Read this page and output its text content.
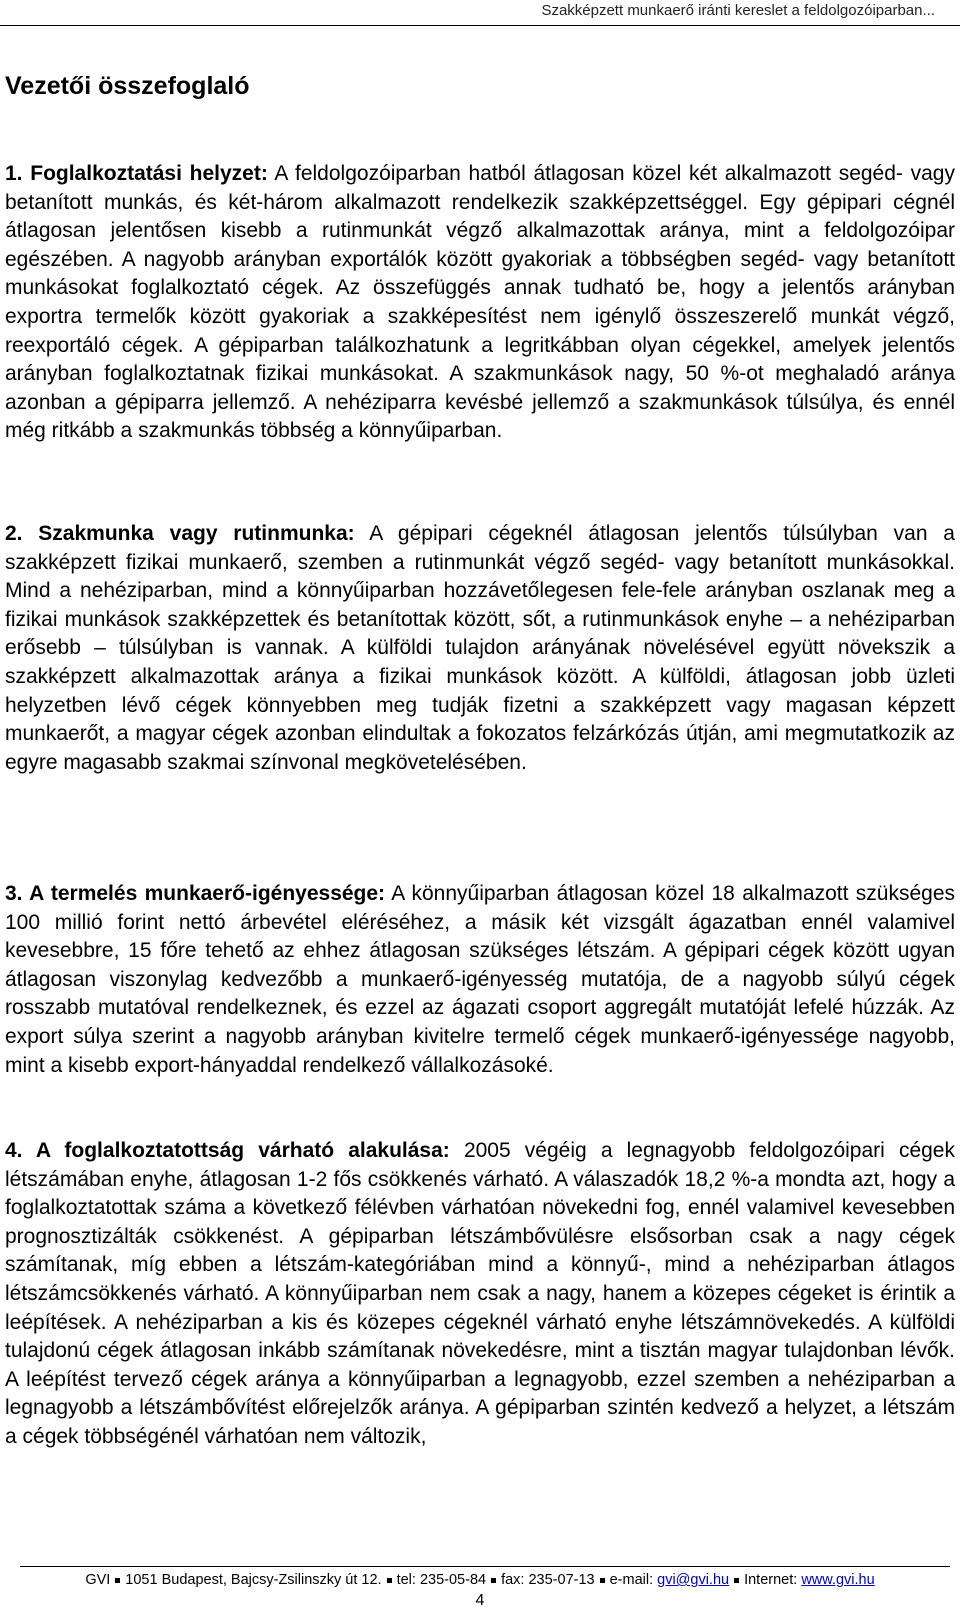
Szakképzett munkaerő iránti kereslet a feldolgozóiparban...
Vezetői összefoglaló

1. Foglalkoztatási helyzet: A feldolgozóiparban hatból átlagosan közel két alkalmazott segéd- vagy betanított munkás, és két-három alkalmazott rendelkezik szakképzettséggel. Egy gépipari cégnél átlagosan jelentősen kisebb a rutinmunkát végző alkalmazottak aránya, mint a feldolgozóipar egészében. A nagyobb arányban exportálók között gyakoriak a többségben segéd- vagy betanított munkásokat foglalkoztató cégek. Az összefüggés annak tudható be, hogy a jelentős arányban exportra termelők között gyakoriak a szakképesítést nem igénylő összeszerelő munkát végző, reexportáló cégek. A gépiparban találkozhatunk a legritkábban olyan cégekkel, amelyek jelentős arányban foglalkoztatnak fizikai munkásokat. A szakmunkások nagy, 50 %-ot meghaladó aránya azonban a gépiparra jellemző. A nehéziparra kevésbé jellemző a szakmunkások túlsúlya, és ennél még ritkább a szakmunkás többség a könnyűiparban.

2. Szakmunka vagy rutinmunka: A gépipari cégeknél átlagosan jelentős túlsúlyban van a szakképzett fizikai munkaerő, szemben a rutinmunkát végző segéd- vagy betanított munkásokkal. Mind a nehéziparban, mind a könnyűiparban hozzávetőlegesen fele-fele arányban oszlanak meg a fizikai munkások szakképzettek és betanítottak között, sőt, a rutinmunkások enyhe – a nehéziparban erősebb – túlsúlyban is vannak. A külföldi tulajdon arányának növelésével együtt növekszik a szakképzett alkalmazottak aránya a fizikai munkások között. A külföldi, átlagosan jobb üzleti helyzetben lévő cégek könnyebben meg tudják fizetni a szakképzett vagy magasan képzett munkaerőt, a magyar cégek azonban elindultak a fokozatos felzárkózás útján, ami megmutatkozik az egyre magasabb szakmai színvonal megkövetelésében.

3. A termelés munkaerő-igényessége: A könnyűiparban átlagosan közel 18 alkalmazott szükséges 100 millió forint nettó árbevétel eléréséhez, a másik két vizsgált ágazatban ennél valamivel kevesebbre, 15 főre tehető az ehhez átlagosan szükséges létszám. A gépipari cégek között ugyan átlagosan viszonylag kedvezőbb a munkaerő-igényesség mutatója, de a nagyobb súlyú cégek rosszabb mutatóval rendelkeznek, és ezzel az ágazati csoport aggregált mutatóját lefelé húzzák. Az export súlya szerint a nagyobb arányban kivitelre termelő cégek munkaerő-igényessége nagyobb, mint a kisebb export-hányaddal rendelkező vállalkozásoké.

4. A foglalkoztatottság várható alakulása: 2005 végéig a legnagyobb feldolgozóipari cégek létszámában enyhe, átlagosan 1-2 fős csökkenés várható. A válaszadók 18,2 %-a mondta azt, hogy a foglalkoztatottak száma a következő félévben várhatóan növekedni fog, ennél valamivel kevesebben prognosztizálták csökkenést. A gépiparban létszámbővülésre elsősorban csak a nagy cégek számítanak, míg ebben a létszám-kategóriában mind a könnyű-, mind a nehéziparban átlagos létszámcsökkenés várható. A könnyűiparban nem csak a nagy, hanem a közepes cégeket is érintik a leépítések. A nehéziparban a kis és közepes cégeknél várható enyhe létszámnövekedés. A külföldi tulajdonú cégek átlagosan inkább számítanak növekedésre, mint a tisztán magyar tulajdonban lévők. A leépítést tervező cégek aránya a könnyűiparban a legnagyobb, ezzel szemben a nehéziparban a legnagyobb a létszámbővítést előrejelzők aránya. A gépiparban szintén kedvező a helyzet, a létszám a cégek többségénél várhatóan nem változik,

GVI 1051 Budapest, Bajcsy-Zsilinszky út 12. tel: 235-05-84 fax: 235-07-13 e-mail: gvi@gvi.hu Internet: www.gvi.hu
4
